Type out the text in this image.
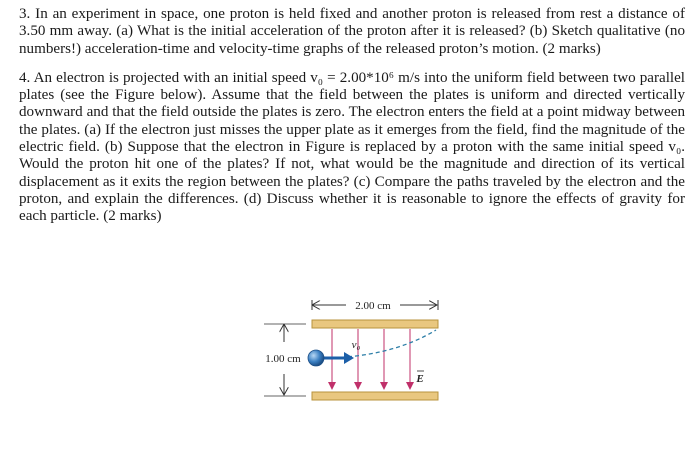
3. In an experiment in space, one proton is held fixed and another proton is released from rest a distance of 3.50 mm away. (a) What is the initial acceleration of the proton after it is released? (b) Sketch qualitative (no numbers!) acceleration-time and velocity-time graphs of the released proton’s motion. (2 marks)

4. An electron is projected with an initial speed v₀ = 2.00*10⁶ m/s into the uniform field between two parallel plates (see the Figure below). Assume that the field between the plates is uniform and directed vertically downward and that the field outside the plates is zero. The electron enters the field at a point midway between the plates. (a) If the electron just misses the upper plate as it emerges from the field, find the magnitude of the electric field. (b) Suppose that the electron in Figure is replaced by a proton with the same initial speed v₀. Would the proton hit one of the plates? If not, what would be the magnitude and direction of its vertical displacement as it exits the region between the plates? (c) Compare the paths traveled by the electron and the proton, and explain the differences. (d) Discuss whether it is reasonable to ignore the effects of gravity for each particle. (2 marks)

2.00 cm
v₀
E
1.00 cm
